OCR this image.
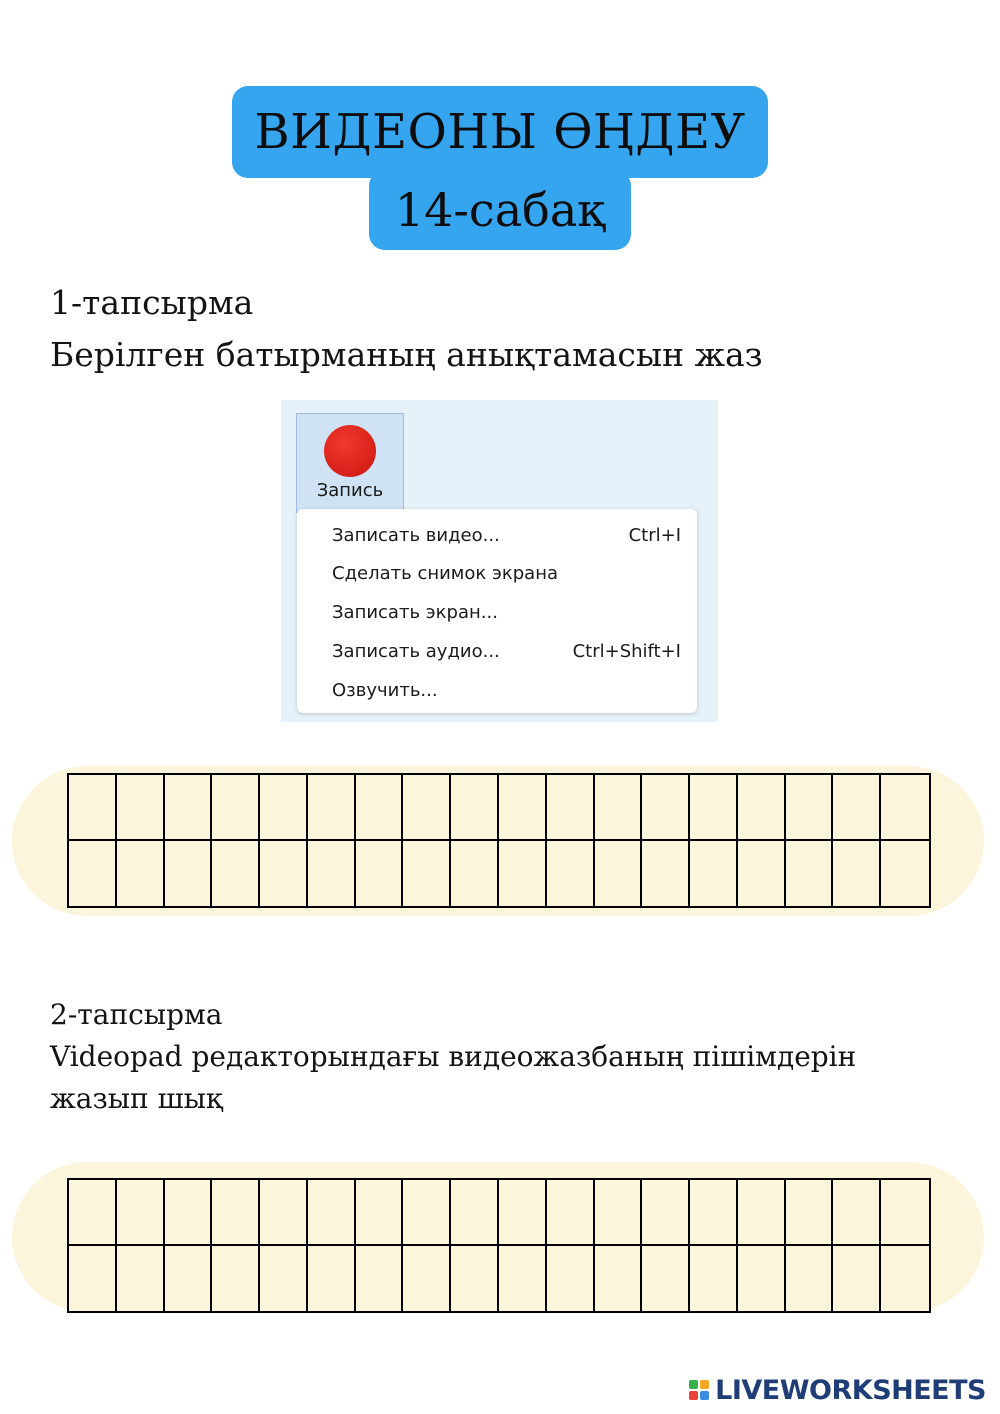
ВИДЕОНЫ ӨҢДЕУ
14-сабақ
1-тапсырма
Берілген батырманың анықтамасын жаз
Запись
Записать видео...	Ctrl+I
Сделать снимок экрана
Записать экран...
Записать аудио...	Ctrl+Shift+I
Озвучить...
2-тапсырма
Videopad редакторындағы видеожазбаның пішімдерін
жазып шық
LIVEWORKSHEETS
